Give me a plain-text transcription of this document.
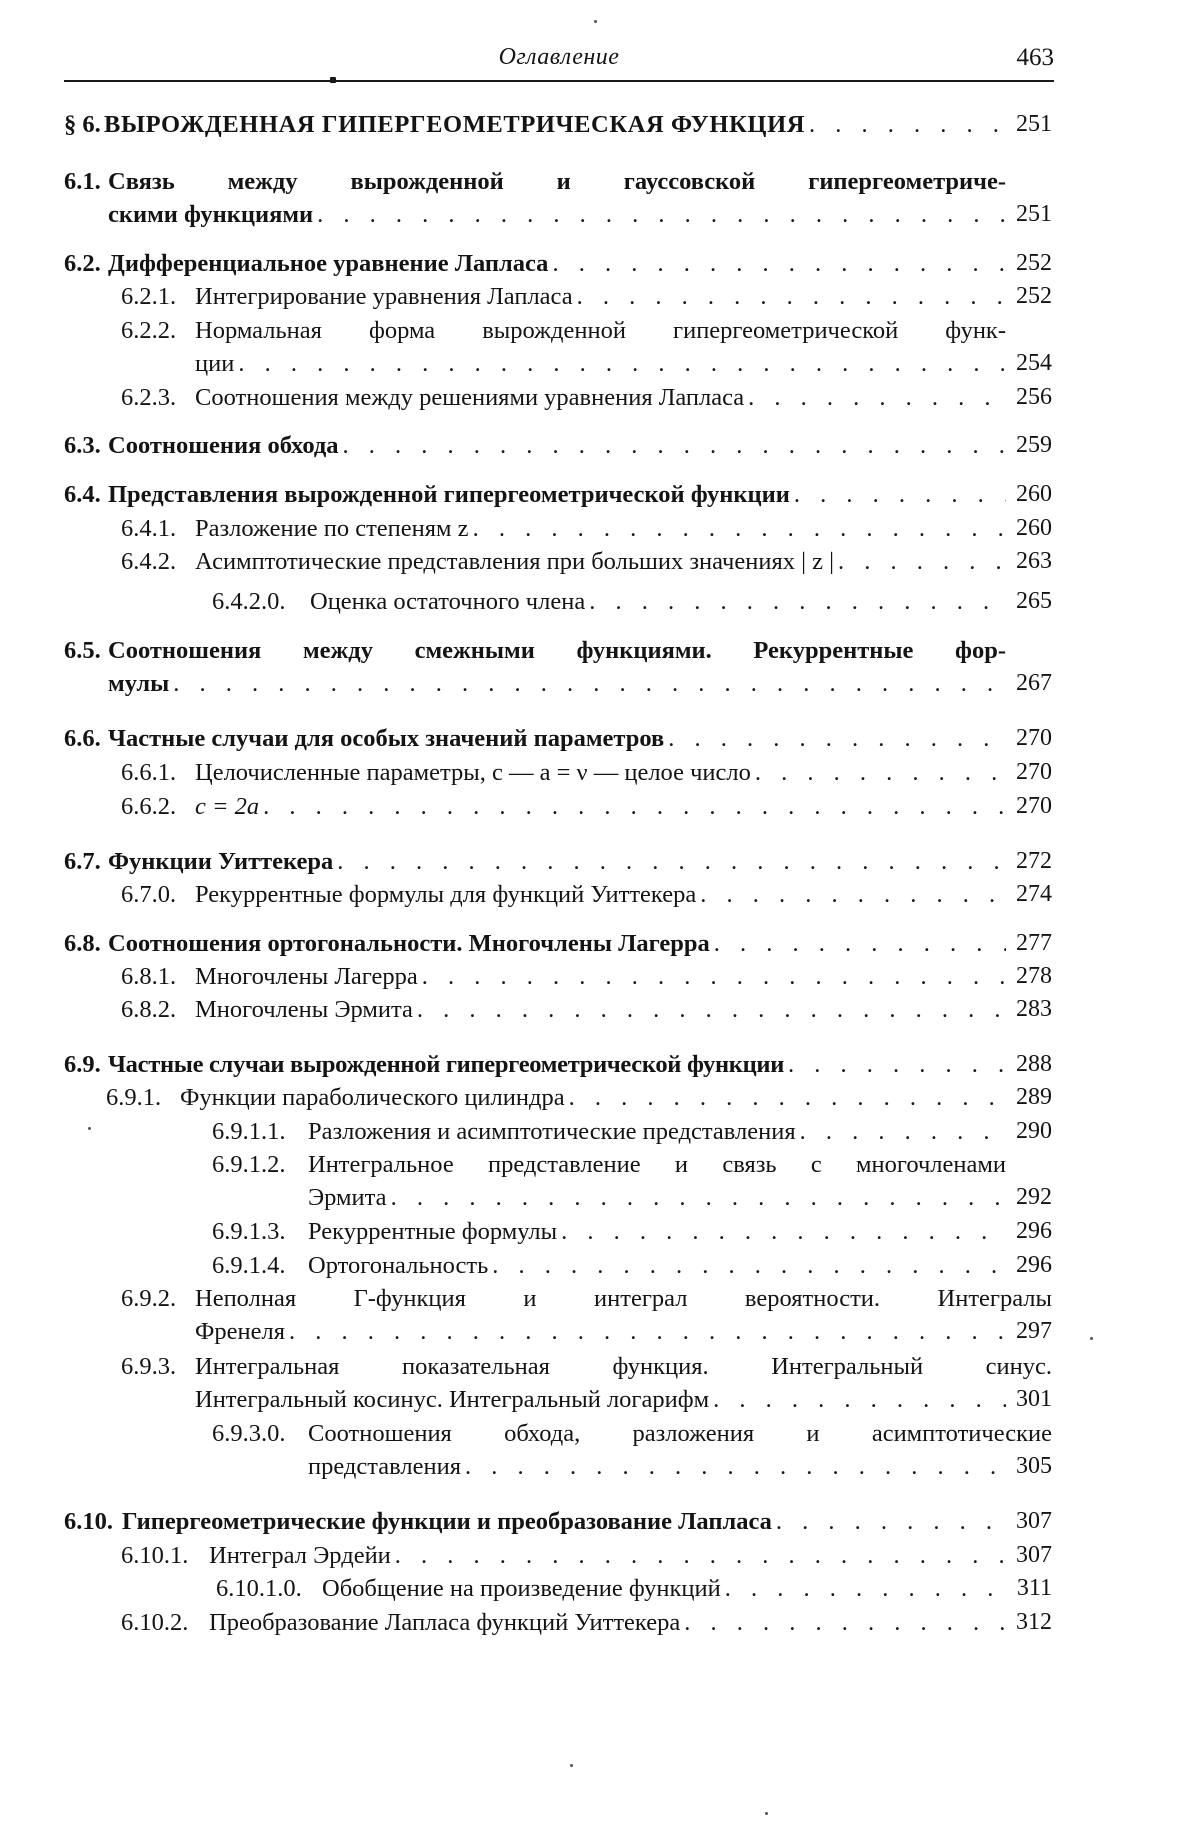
Оглавление	463
§ 6. ВЫРОЖДЕННАЯ ГИПЕРГЕОМЕТРИЧЕСКАЯ ФУНКЦИЯ . . .	251
6.1. Связь между вырожденной и гауссовской гипергеометриче-
скими функциями . . .	251
6.2. Дифференциальное уравнение Лапласа . . .	252
6.2.1. Интегрирование уравнения Лапласа . . .	252
6.2.2. Нормальная форма вырожденной гипергеометрической функ-
ции . . .	254
6.2.3. Соотношения между решениями уравнения Лапласа . . .	256
6.3. Соотношения обхода . . .	259
6.4. Представления вырожденной гипергеометрической функции . . .	260
6.4.1. Разложение по степеням z . . .	260
6.4.2. Асимптотические представления при больших значениях | z | . . .	263
6.4.2.0. Оценка остаточного члена . . .	265
6.5. Соотношения между смежными функциями. Рекуррентные фор-
мулы . . .	267
6.6. Частные случаи для особых значений параметров . . .	270
6.6.1. Целочисленные параметры, c — a = ν — целое число . . .	270
6.6.2. c = 2a . . .	270
6.7. Функции Уиттекера . . .	272
6.7.0. Рекуррентные формулы для функций Уиттекера . . .	274
6.8. Соотношения ортогональности. Многочлены Лагерра . . .	277
6.8.1. Многочлены Лагерра . . .	278
6.8.2. Многочлены Эрмита . . .	283
6.9. Частные случаи вырожденной гипергеометрической функции . . .	288
6.9.1. Функции параболического цилиндра . . .	289
6.9.1.1. Разложения и асимптотические представления . . .	290
6.9.1.2. Интегральное представление и связь с многочленами
Эрмита . . .	292
6.9.1.3. Рекуррентные формулы . . .	296
6.9.1.4. Ортогональность . . .	296
6.9.2. Неполная Г-функция и интеграл вероятности. Интегралы
Френеля . . .	297
6.9.3. Интегральная показательная функция. Интегральный синус.
Интегральный косинус. Интегральный логарифм . . .	301
6.9.3.0. Соотношения обхода, разложения и асимптотические
представления . . .	305
6.10. Гипергеометрические функции и преобразование Лапласа . . .	307
6.10.1. Интеграл Эрдейи . . .	307
6.10.1.0. Обобщение на произведение функций . . .	311
6.10.2. Преобразование Лапласа функций Уиттекера . . .	312
